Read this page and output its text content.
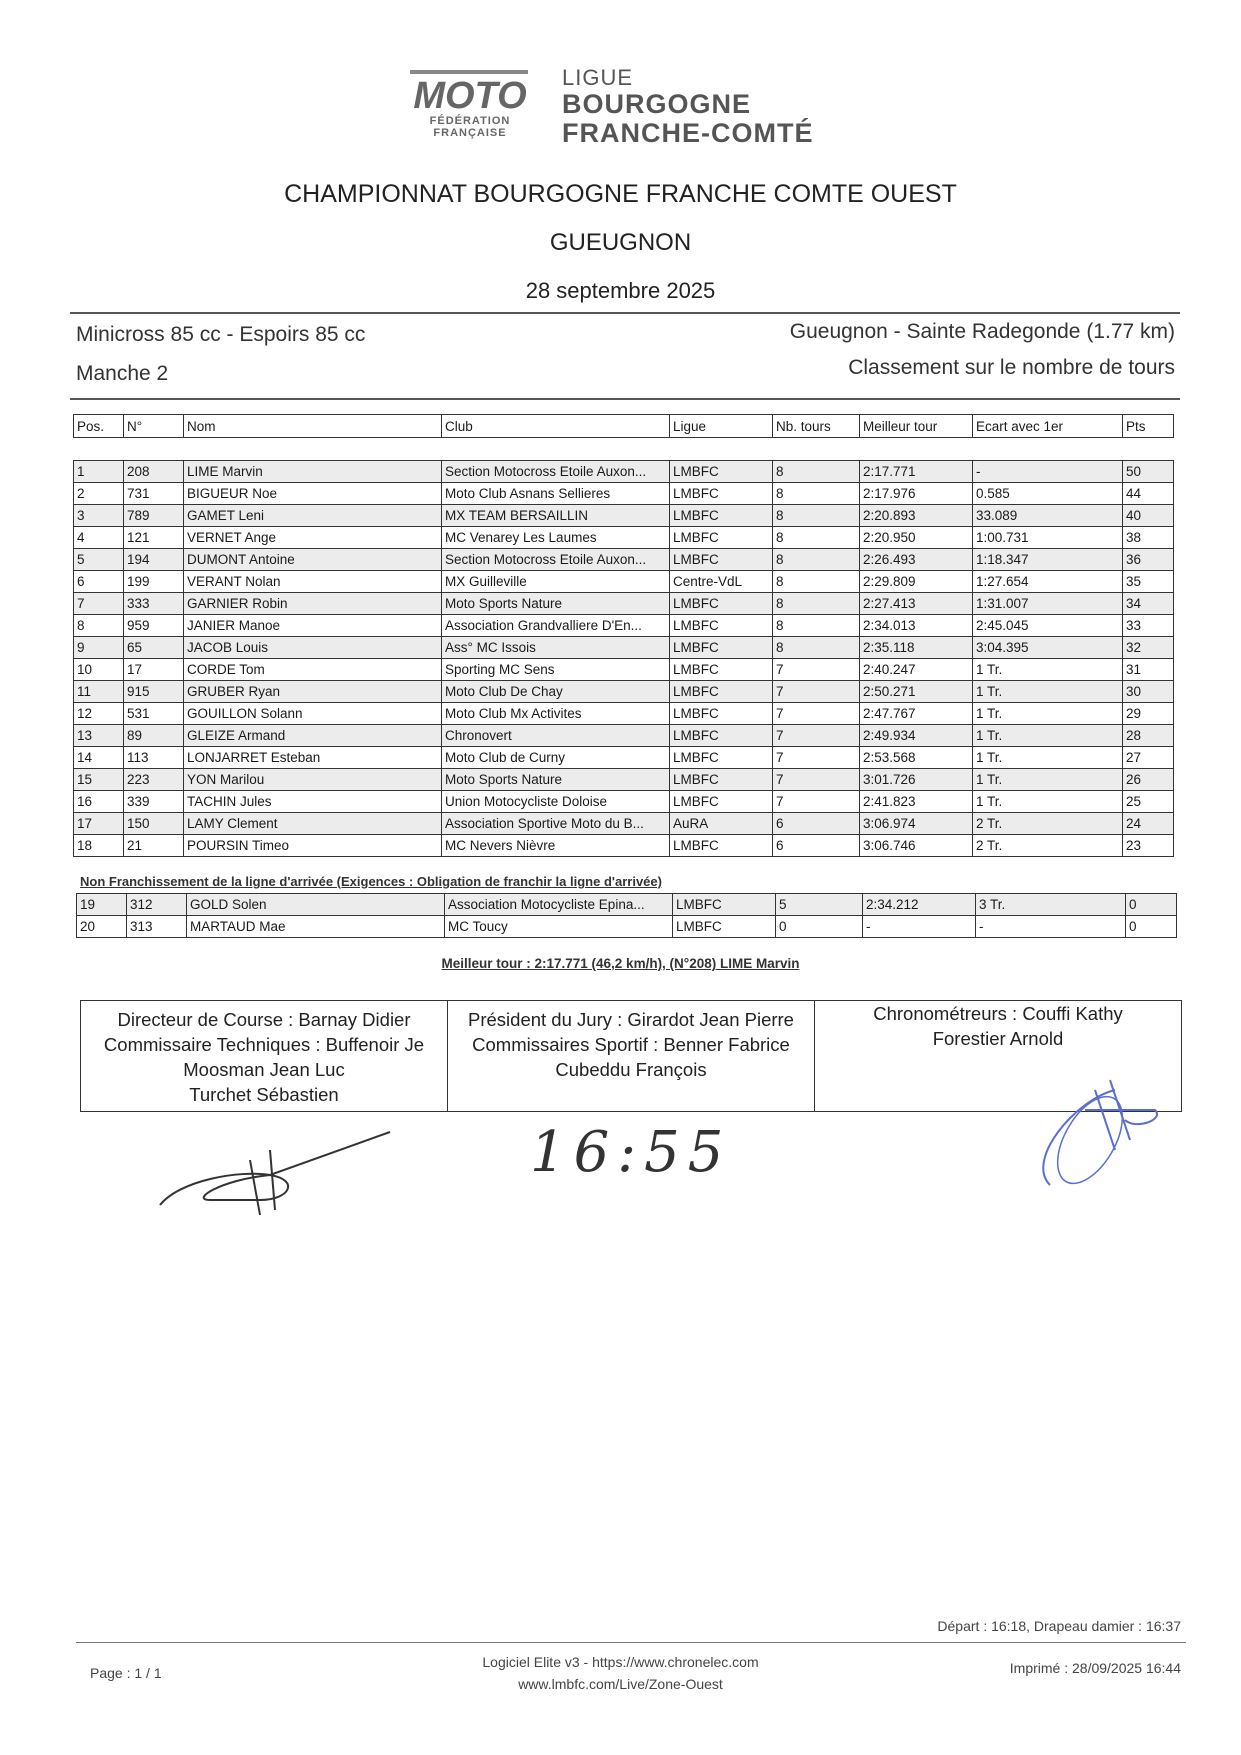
MOTO
FÉDÉRATION
FRANÇAISE
LIGUE
BOURGOGNE
FRANCHE-COMTÉ
CHAMPIONNAT BOURGOGNE FRANCHE COMTE OUEST
GUEUGNON
28 septembre 2025
Minicross 85 cc - Espoirs 85 cc
Manche 2
Gueugnon - Sainte Radegonde (1.77 km)
Classement sur le nombre de tours
Pos.	N°	Nom	Club	Ligue	Nb. tours	Meilleur tour	Ecart avec 1er	Pts
1	208	LIME Marvin	Section Motocross Etoile Auxon...	LMBFC	8	2:17.771	-	50
2	731	BIGUEUR Noe	Moto Club Asnans Sellieres	LMBFC	8	2:17.976	0.585	44
3	789	GAMET Leni	MX TEAM BERSAILLIN	LMBFC	8	2:20.893	33.089	40
4	121	VERNET Ange	MC Venarey Les Laumes	LMBFC	8	2:20.950	1:00.731	38
5	194	DUMONT Antoine	Section Motocross Etoile Auxon...	LMBFC	8	2:26.493	1:18.347	36
6	199	VERANT Nolan	MX Guilleville	Centre-VdL	8	2:29.809	1:27.654	35
7	333	GARNIER Robin	Moto Sports Nature	LMBFC	8	2:27.413	1:31.007	34
8	959	JANIER Manoe	Association Grandvalliere D'En...	LMBFC	8	2:34.013	2:45.045	33
9	65	JACOB Louis	Ass° MC Issois	LMBFC	8	2:35.118	3:04.395	32
10	17	CORDE Tom	Sporting MC Sens	LMBFC	7	2:40.247	1 Tr.	31
11	915	GRUBER Ryan	Moto Club De Chay	LMBFC	7	2:50.271	1 Tr.	30
12	531	GOUILLON Solann	Moto Club Mx Activites	LMBFC	7	2:47.767	1 Tr.	29
13	89	GLEIZE Armand	Chronovert	LMBFC	7	2:49.934	1 Tr.	28
14	113	LONJARRET Esteban	Moto Club de Curny	LMBFC	7	2:53.568	1 Tr.	27
15	223	YON Marilou	Moto Sports Nature	LMBFC	7	3:01.726	1 Tr.	26
16	339	TACHIN Jules	Union Motocycliste Doloise	LMBFC	7	2:41.823	1 Tr.	25
17	150	LAMY Clement	Association Sportive Moto du B...	AuRA	6	3:06.974	2 Tr.	24
18	21	POURSIN Timeo	MC Nevers Nièvre	LMBFC	6	3:06.746	2 Tr.	23
Non Franchissement de la ligne d'arrivée (Exigences : Obligation de franchir la ligne d'arrivée)
19	312	GOLD Solen	Association Motocycliste Epina...	LMBFC	5	2:34.212	3 Tr.	0
20	313	MARTAUD Mae	MC Toucy	LMBFC	0	-	-	0
Meilleur tour : 2:17.771 (46,2 km/h), (N°208) LIME Marvin
Directeur de Course : Barnay Didier
Commissaire Techniques : Buffenoir Je
Moosman Jean Luc
Turchet Sébastien
Président du Jury : Girardot Jean Pierre
Commissaires Sportif : Benner Fabrice
Cubeddu François
Chronométreurs : Couffi Kathy
Forestier Arnold
16:55
Départ : 16:18, Drapeau damier : 16:37
Page : 1 / 1
Logiciel Elite v3 - https://www.chronelec.com
www.lmbfc.com/Live/Zone-Ouest
Imprimé : 28/09/2025 16:44
